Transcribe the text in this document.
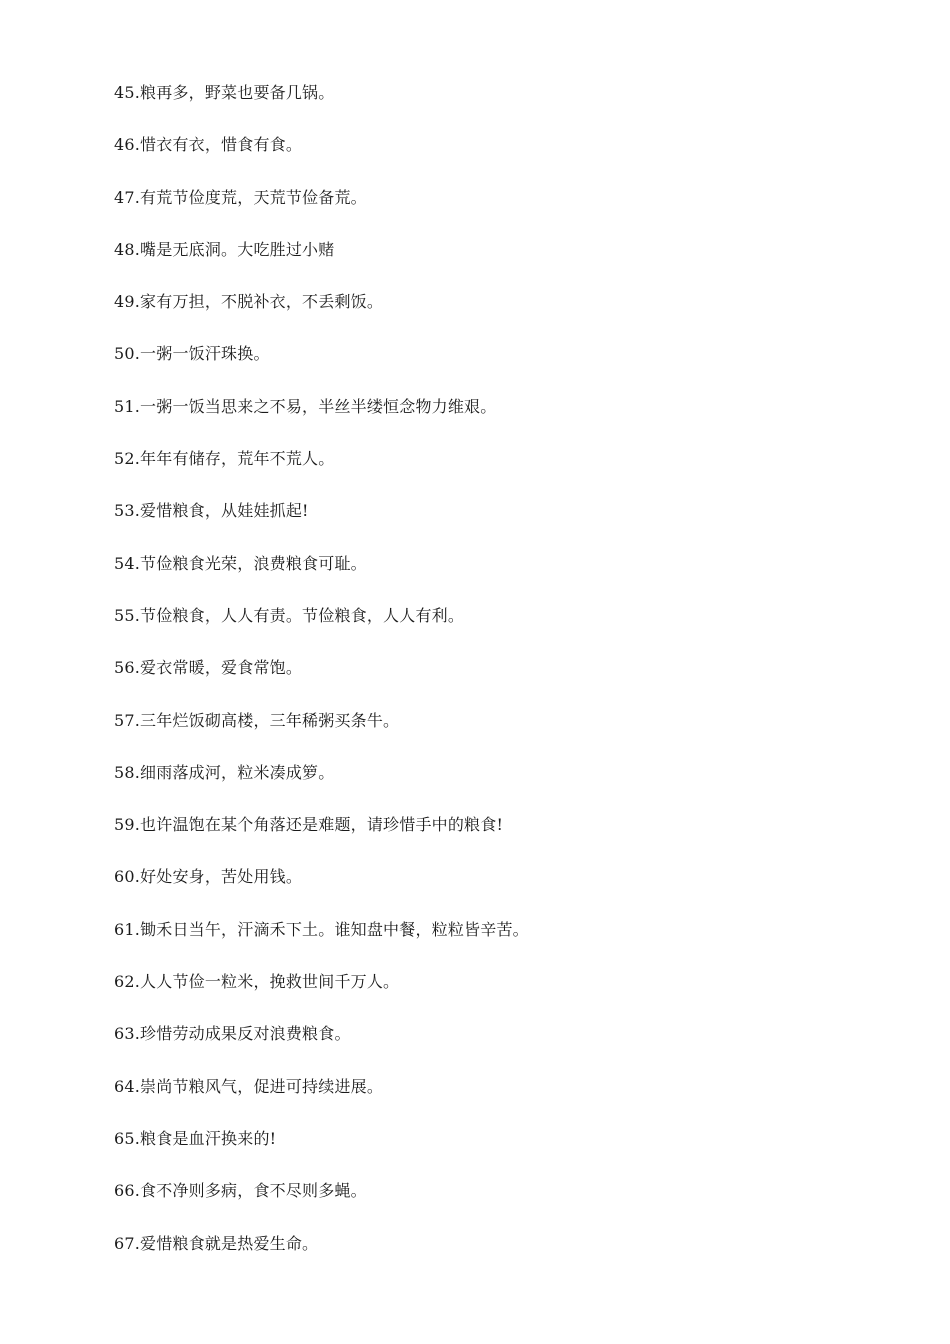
45.粮再多，野菜也要备几锅。
46.惜衣有衣，惜食有食。
47.有荒节俭度荒，天荒节俭备荒。
48.嘴是无底洞。大吃胜过小赌
49.家有万担，不脱补衣，不丢剩饭。
50.一粥一饭汗珠换。
51.一粥一饭当思来之不易，半丝半缕恒念物力维艰。
52.年年有储存，荒年不荒人。
53.爱惜粮食，从娃娃抓起!
54.节俭粮食光荣，浪费粮食可耻。
55.节俭粮食，人人有责。节俭粮食，人人有利。
56.爱衣常暖，爱食常饱。
57.三年烂饭砌高楼，三年稀粥买条牛。
58.细雨落成河，粒米凑成箩。
59.也许温饱在某个角落还是难题，请珍惜手中的粮食!
60.好处安身，苦处用钱。
61.锄禾日当午，汗滴禾下土。谁知盘中餐，粒粒皆辛苦。
62.人人节俭一粒米，挽救世间千万人。
63.珍惜劳动成果反对浪费粮食。
64.崇尚节粮风气，促进可持续进展。
65.粮食是血汗换来的!
66.食不净则多病，食不尽则多蝇。
67.爱惜粮食就是热爱生命。
